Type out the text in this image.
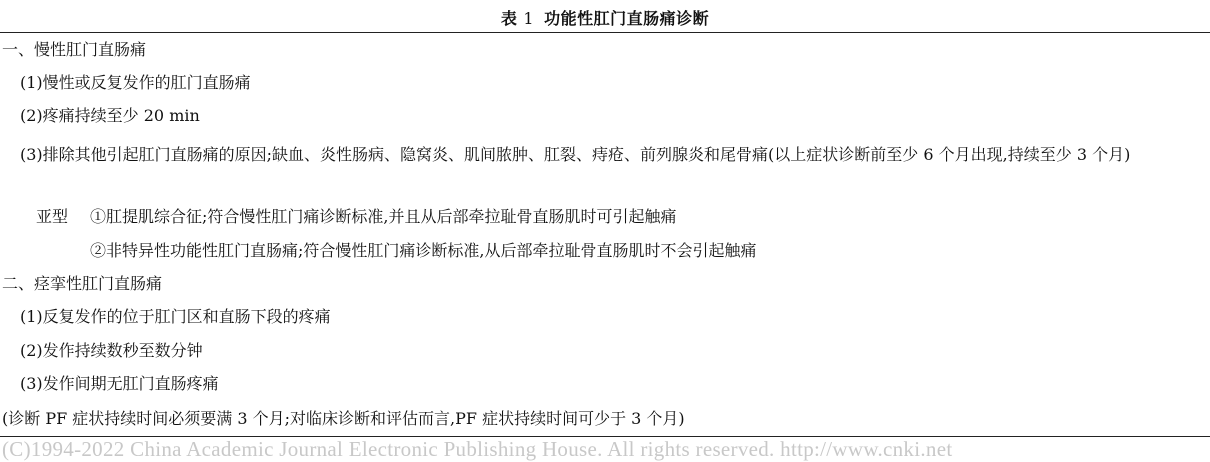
表 1 功能性肛门直肠痛诊断
一、慢性肛门直肠痛
(1)慢性或反复发作的肛门直肠痛
(2)疼痛持续至少 20 min
(3)排除其他引起肛门直肠痛的原因;缺血、炎性肠病、隐窝炎、肌间脓肿、肛裂、痔疮、前列腺炎和尾骨痛(以上症状诊断前至少 6 个月出现,持续至少 3 个月)
亚型 ①肛提肌综合征;符合慢性肛门痛诊断标准,并且从后部牵拉耻骨直肠肌时可引起触痛
②非特异性功能性肛门直肠痛;符合慢性肛门痛诊断标准,从后部牵拉耻骨直肠肌时不会引起触痛
二、痉挛性肛门直肠痛
(1)反复发作的位于肛门区和直肠下段的疼痛
(2)发作持续数秒至数分钟
(3)发作间期无肛门直肠疼痛
(诊断 PF 症状持续时间必须要满 3 个月;对临床诊断和评估而言,PF 症状持续时间可少于 3 个月)
(C)1994-2022 China Academic Journal Electronic Publishing House. All rights reserved. http://www.cnki.net
